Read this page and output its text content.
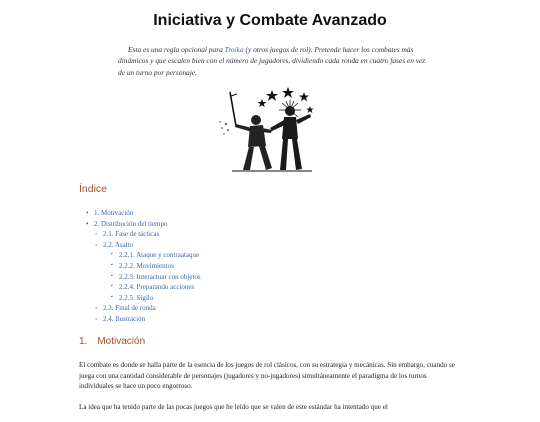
Iniciativa y Combate Avanzado

Esta es una regla opcional para Troika (y otros juegos de rol). Pretende hacer los combates más dinámicos y que escalen bien con el número de jugadores, dividiendo cada ronda en cuatro fases en vez de un turno por personaje.

Índice
• 1. Motivación
• 2. Distribución del tiempo
◦ 2.1. Fase de tácticas
◦ 2.2. Asalto
▪ 2.2.1. Ataque y contraataque
▪ 2.2.2. Movimientos
▪ 2.2.3. Interactuar con objetos
▪ 2.2.4. Preparando acciones
▪ 2.2.5. Sigilo
◦ 2.3. Final de ronda
◦ 2.4. Ilustración
1. Motivación

El combate es donde se halla parte de la esencia de los juegos de rol clásicos, con su estrategia y mecánicas. Sin embargo, cuando se juega con una cantidad considerable de personajes (jugadores y no-jugadores) simultáneamente el paradigma de los turnos individuales se hace un poco engorroso.

La idea que ha tenido parte de las pocas juegos que he leído que se valen de este estándar ha intentado que el
